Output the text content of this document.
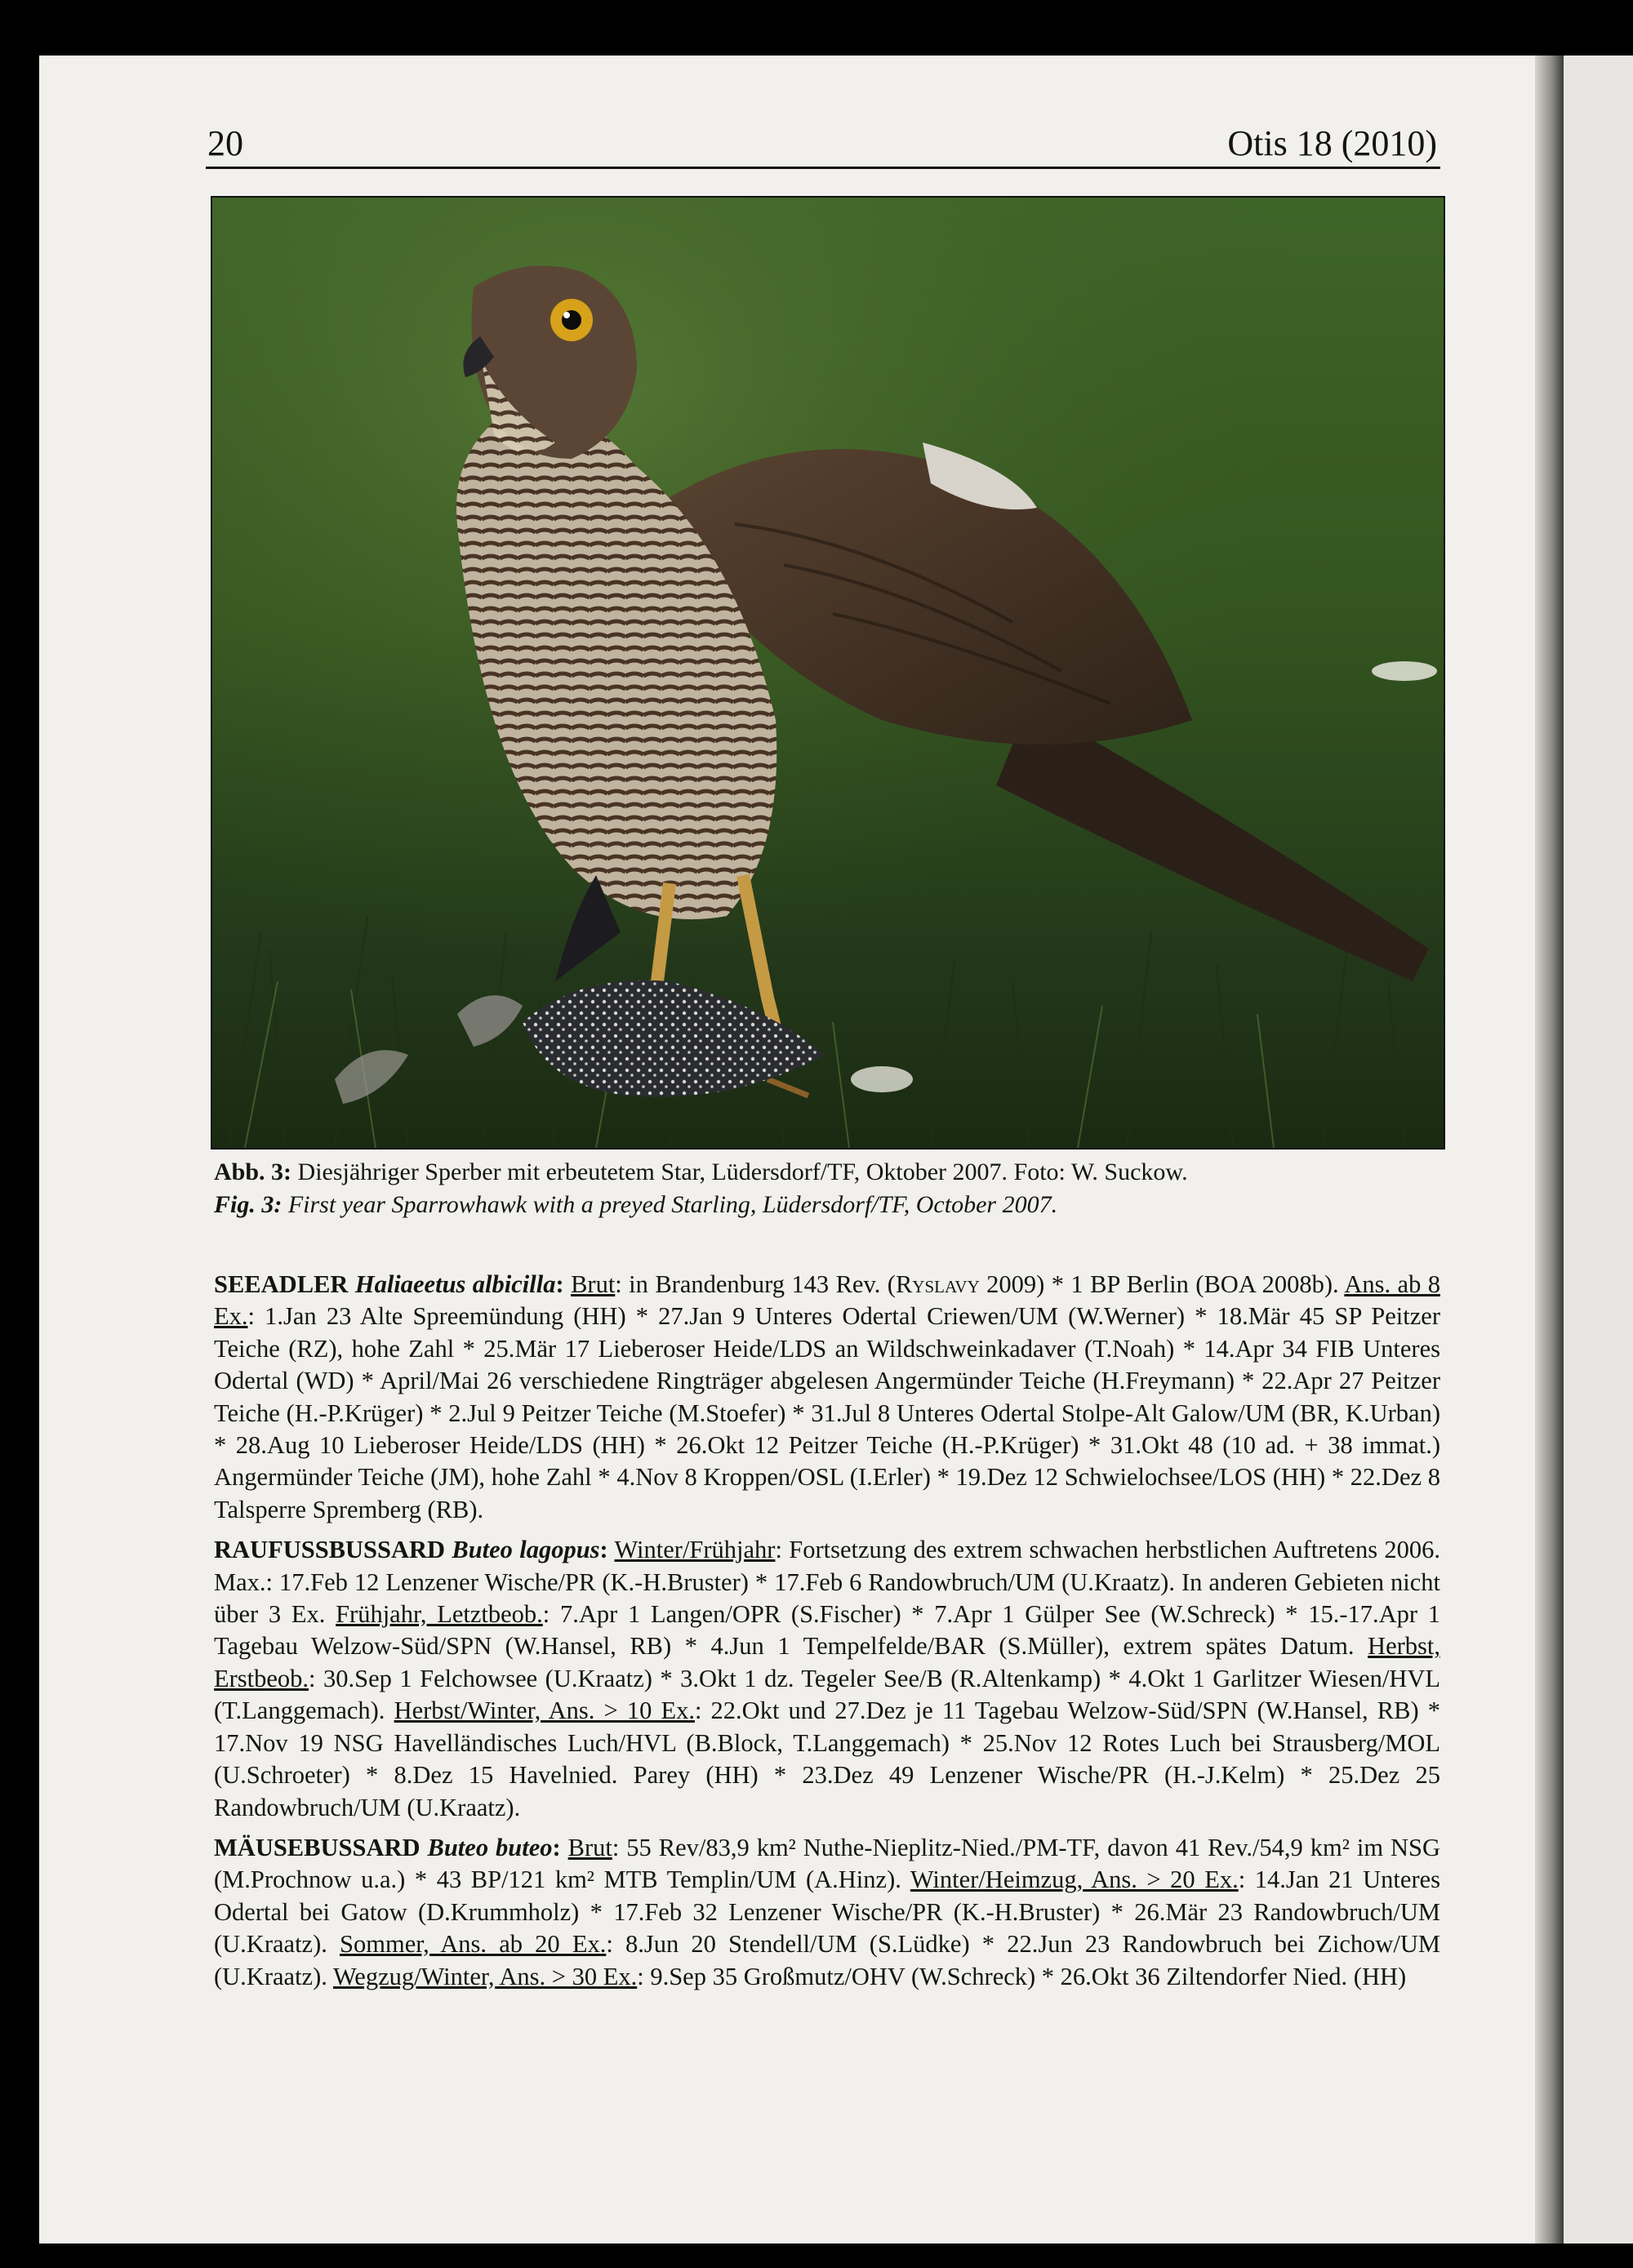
20	Otis 18 (2010)

Abb. 3: Diesjähriger Sperber mit erbeutetem Star, Lüdersdorf/TF, Oktober 2007. Foto: W. Suckow.

Fig. 3: First year Sparrowhawk with a preyed Starling, Lüdersdorf/TF, October 2007.

SEEADLER Haliaeetus albicilla: Brut: in Brandenburg 143 Rev. (Ryslavy 2009) * 1 BP Berlin (BOA 2008b). Ans. ab 8 Ex.: 1.Jan 23 Alte Spreemündung (HH) * 27.Jan 9 Unteres Odertal Criewen/UM (W.Werner) * 18.Mär 45 SP Peitzer Teiche (RZ), hohe Zahl * 25.Mär 17 Lieberoser Heide/LDS an Wildschweinkadaver (T.Noah) * 14.Apr 34 FIB Unteres Odertal (WD) * April/Mai 26 verschiedene Ringträger abgelesen Angermünder Teiche (H.Freymann) * 22.Apr 27 Peitzer Teiche (H.-P.Krüger) * 2.Jul 9 Peitzer Teiche (M.Stoefer) * 31.Jul 8 Unteres Odertal Stolpe-Alt Galow/UM (BR, K.Urban) * 28.Aug 10 Lieberoser Heide/LDS (HH) * 26.Okt 12 Peitzer Teiche (H.-P.Krüger) * 31.Okt 48 (10 ad. + 38 immat.) Angermünder Teiche (JM), hohe Zahl * 4.Nov 8 Kroppen/OSL (I.Erler) * 19.Dez 12 Schwielochsee/LOS (HH) * 22.Dez 8 Talsperre Spremberg (RB).

RAUFUSSBUSSARD Buteo lagopus: Winter/Frühjahr: Fortsetzung des extrem schwachen herbstlichen Auftretens 2006. Max.: 17.Feb 12 Lenzener Wische/PR (K.-H.Bruster) * 17.Feb 6 Randowbruch/UM (U.Kraatz). In anderen Gebieten nicht über 3 Ex. Frühjahr, Letztbeob.: 7.Apr 1 Langen/OPR (S.Fischer) * 7.Apr 1 Gülper See (W.Schreck) * 15.-17.Apr 1 Tagebau Welzow-Süd/SPN (W.Hansel, RB) * 4.Jun 1 Tempelfelde/BAR (S.Müller), extrem spätes Datum. Herbst, Erstbeob.: 30.Sep 1 Felchowsee (U.Kraatz) * 3.Okt 1 dz. Tegeler See/B (R.Altenkamp) * 4.Okt 1 Garlitzer Wiesen/HVL (T.Langgemach). Herbst/Winter, Ans. > 10 Ex.: 22.Okt und 27.Dez je 11 Tagebau Welzow-Süd/SPN (W.Hansel, RB) * 17.Nov 19 NSG Havelländisches Luch/HVL (B.Block, T.Langgemach) * 25.Nov 12 Rotes Luch bei Strausberg/MOL (U.Schroeter) * 8.Dez 15 Havelnied. Parey (HH) * 23.Dez 49 Lenzener Wische/PR (H.-J.Kelm) * 25.Dez 25 Randowbruch/UM (U.Kraatz).

MÄUSEBUSSARD Buteo buteo: Brut: 55 Rev/83,9 km² Nuthe-Nieplitz-Nied./PM-TF, davon 41 Rev./54,9 km² im NSG (M.Prochnow u.a.) * 43 BP/121 km² MTB Templin/UM (A.Hinz). Winter/Heimzug, Ans. > 20 Ex.: 14.Jan 21 Unteres Odertal bei Gatow (D.Krummholz) * 17.Feb 32 Lenzener Wische/PR (K.-H.Bruster) * 26.Mär 23 Randowbruch/UM (U.Kraatz). Sommer, Ans. ab 20 Ex.: 8.Jun 20 Stendell/UM (S.Lüdke) * 22.Jun 23 Randowbruch bei Zichow/UM (U.Kraatz). Wegzug/Winter, Ans. > 30 Ex.: 9.Sep 35 Großmutz/OHV (W.Schreck) * 26.Okt 36 Ziltendorfer Nied. (HH)
